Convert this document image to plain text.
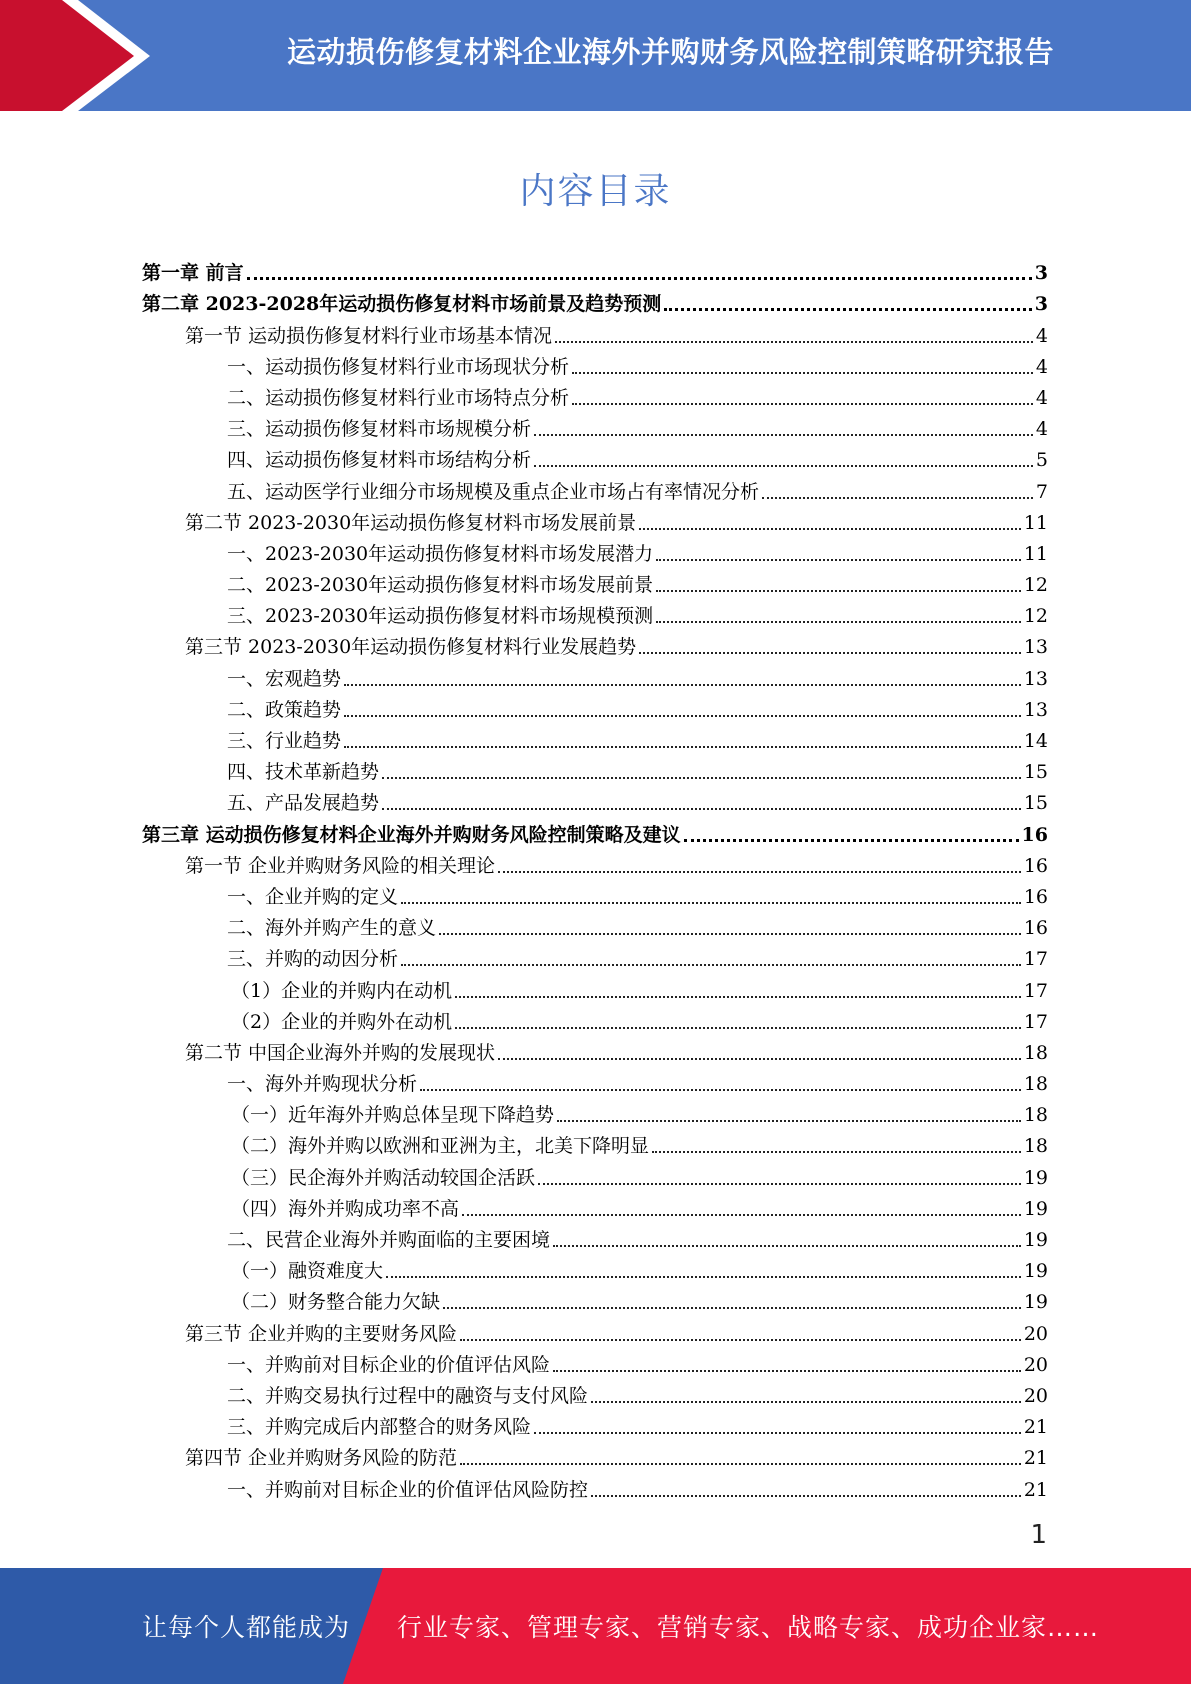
运动损伤修复材料企业海外并购财务风险控制策略研究报告
内容目录
第一章 前言	3
第二章 2023-2028年运动损伤修复材料市场前景及趋势预测	3
第一节 运动损伤修复材料行业市场基本情况	4
一、运动损伤修复材料行业市场现状分析	4
二、运动损伤修复材料行业市场特点分析	4
三、运动损伤修复材料市场规模分析	4
四、运动损伤修复材料市场结构分析	5
五、运动医学行业细分市场规模及重点企业市场占有率情况分析	7
第二节 2023-2030年运动损伤修复材料市场发展前景	11
一、2023-2030年运动损伤修复材料市场发展潜力	11
二、2023-2030年运动损伤修复材料市场发展前景	12
三、2023-2030年运动损伤修复材料市场规模预测	12
第三节 2023-2030年运动损伤修复材料行业发展趋势	13
一、宏观趋势	13
二、政策趋势	13
三、行业趋势	14
四、技术革新趋势	15
五、产品发展趋势	15
第三章 运动损伤修复材料企业海外并购财务风险控制策略及建议	16
第一节 企业并购财务风险的相关理论	16
一、企业并购的定义	16
二、海外并购产生的意义	16
三、并购的动因分析	17
（1）企业的并购内在动机	17
（2）企业的并购外在动机	17
第二节 中国企业海外并购的发展现状	18
一、海外并购现状分析	18
（一）近年海外并购总体呈现下降趋势	18
（二）海外并购以欧洲和亚洲为主，北美下降明显	18
（三）民企海外并购活动较国企活跃	19
（四）海外并购成功率不高	19
二、民营企业海外并购面临的主要困境	19
（一）融资难度大	19
（二）财务整合能力欠缺	19
第三节 企业并购的主要财务风险	20
一、并购前对目标企业的价值评估风险	20
二、并购交易执行过程中的融资与支付风险	20
三、并购完成后内部整合的财务风险	21
第四节 企业并购财务风险的防范	21
一、并购前对目标企业的价值评估风险防控	21
1
让每个人都能成为 行业专家、管理专家、营销专家、战略专家、成功企业家……
